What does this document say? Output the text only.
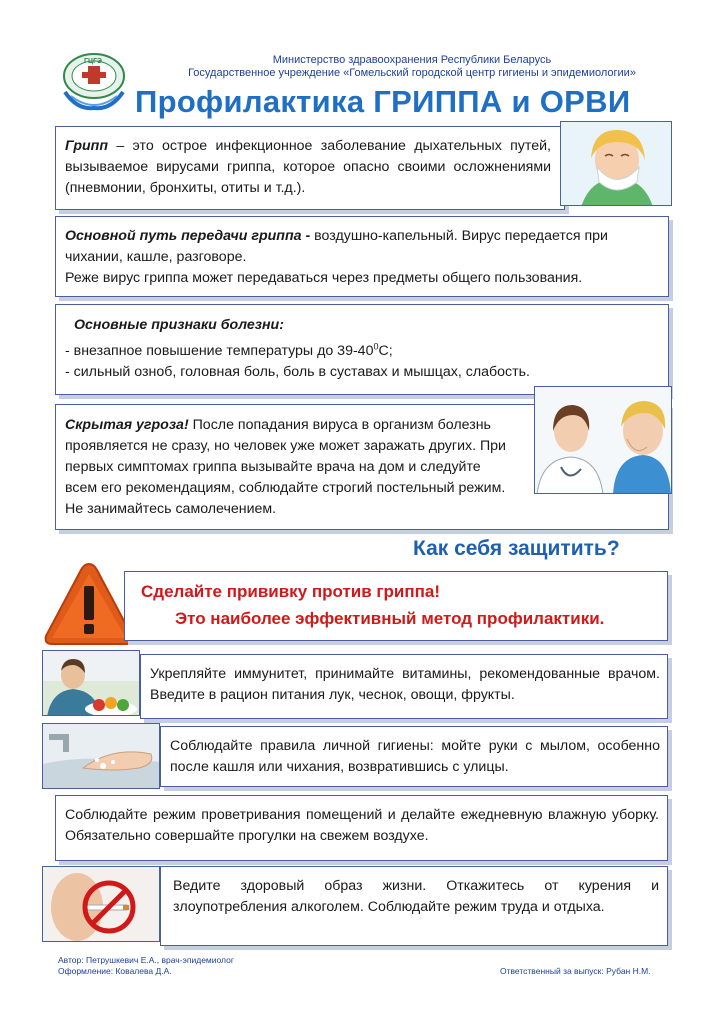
ГЦГЭ	Министерство здравоохранения Республики Беларусь
Государственное учреждение «Гомельский городской центр гигиены и эпидемиологии»
Профилактика ГРИППА и ОРВИ
Грипп – это острое инфекционное заболевание дыхательных путей, вызываемое вирусами гриппа, которое опасно своими осложнениями (пневмонии, бронхиты, отиты и т.д.).
Основной путь передачи гриппа - воздушно-капельный. Вирус передается при чихании, кашле, разговоре.
Реже вирус гриппа может передаваться через предметы общего пользования.
Основные признаки болезни:
- внезапное повышение температуры до $39-40^0С$;
- сильный озноб, головная боль, боль в суставах и мышцах, слабость.
Скрытая угроза! После попадания вируса в организм болезнь проявляется не сразу, но человек уже может заражать других. При первых симптомах гриппа вызывайте врача на дом и следуйте всем его рекомендациям, соблюдайте строгий постельный режим. Не занимайтесь самолечением.
Как себя защитить?
Сделайте прививку против гриппа!
Это наиболее эффективный метод профилактики.
Укрепляйте иммунитет, принимайте витамины, рекомендованные врачом. Введите в рацион питания лук, чеснок, овощи, фрукты.
Соблюдайте правила личной гигиены: мойте руки с мылом, особенно после кашля или чихания, возвратившись с улицы.
Соблюдайте режим проветривания помещений и делайте ежедневную влажную уборку. Обязательно совершайте прогулки на свежем воздухе.
Ведите здоровый образ жизни. Откажитесь от курения и злоупотребления алкоголем. Соблюдайте режим труда и отдыха.
Автор: Петрушкевич Е.А., врач-эпидемиолог
Оформление: Ковалева Д.А.	Ответственный за выпуск: Рубан Н.М.
